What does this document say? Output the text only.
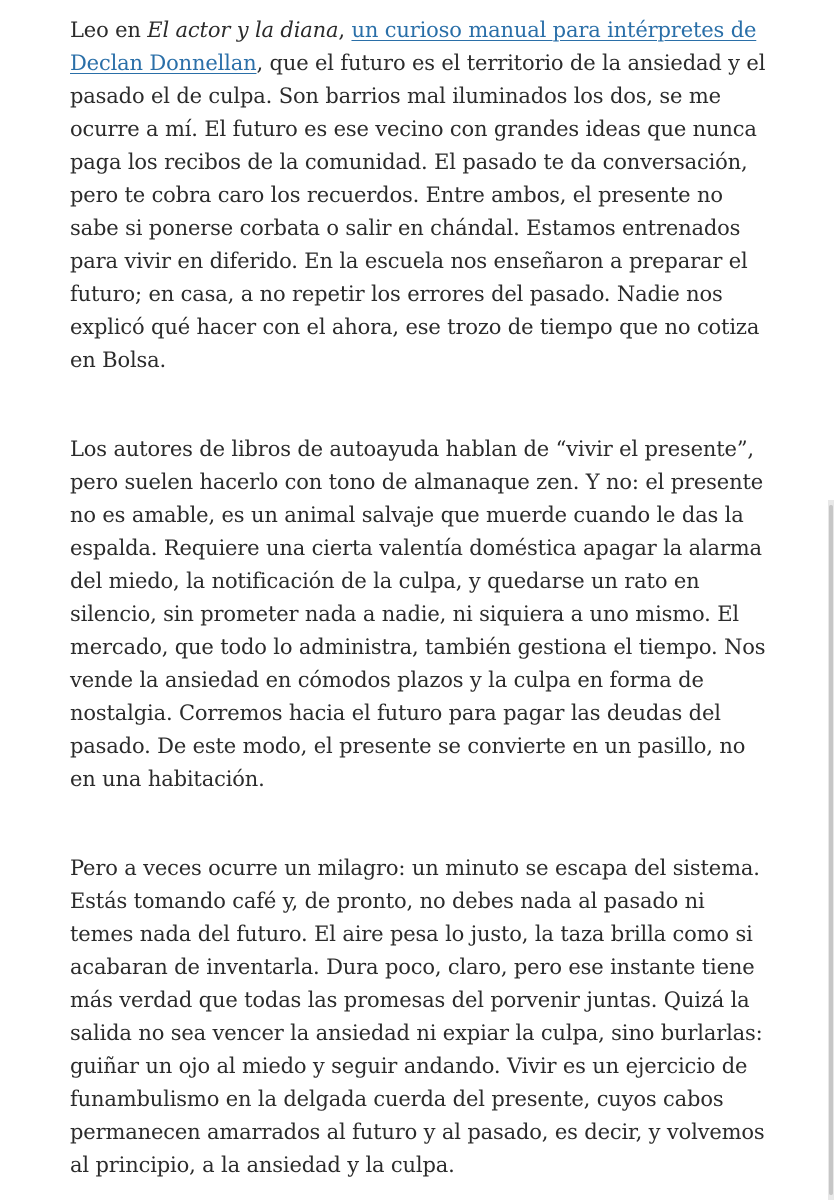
Leo en El actor y la diana, un curioso manual para intérpretes de Declan Donnellan, que el futuro es el territorio de la ansiedad y el pasado el de culpa. Son barrios mal iluminados los dos, se me ocurre a mí. El futuro es ese vecino con grandes ideas que nunca paga los recibos de la comunidad. El pasado te da conversación, pero te cobra caro los recuerdos. Entre ambos, el presente no sabe si ponerse corbata o salir en chándal. Estamos entrenados para vivir en diferido. En la escuela nos enseñaron a preparar el futuro; en casa, a no repetir los errores del pasado. Nadie nos explicó qué hacer con el ahora, ese trozo de tiempo que no cotiza en Bolsa.

Los autores de libros de autoayuda hablan de “vivir el presente”, pero suelen hacerlo con tono de almanaque zen. Y no: el presente no es amable, es un animal salvaje que muerde cuando le das la espalda. Requiere una cierta valentía doméstica apagar la alarma del miedo, la notificación de la culpa, y quedarse un rato en silencio, sin prometer nada a nadie, ni siquiera a uno mismo. El mercado, que todo lo administra, también gestiona el tiempo. Nos vende la ansiedad en cómodos plazos y la culpa en forma de nostalgia. Corremos hacia el futuro para pagar las deudas del pasado. De este modo, el presente se convierte en un pasillo, no en una habitación.

Pero a veces ocurre un milagro: un minuto se escapa del sistema. Estás tomando café y, de pronto, no debes nada al pasado ni temes nada del futuro. El aire pesa lo justo, la taza brilla como si acabaran de inventarla. Dura poco, claro, pero ese instante tiene más verdad que todas las promesas del porvenir juntas. Quizá la salida no sea vencer la ansiedad ni expiar la culpa, sino burlarlas: guiñar un ojo al miedo y seguir andando. Vivir es un ejercicio de funambulismo en la delgada cuerda del presente, cuyos cabos permanecen amarrados al futuro y al pasado, es decir, y volvemos al principio, a la ansiedad y la culpa.
